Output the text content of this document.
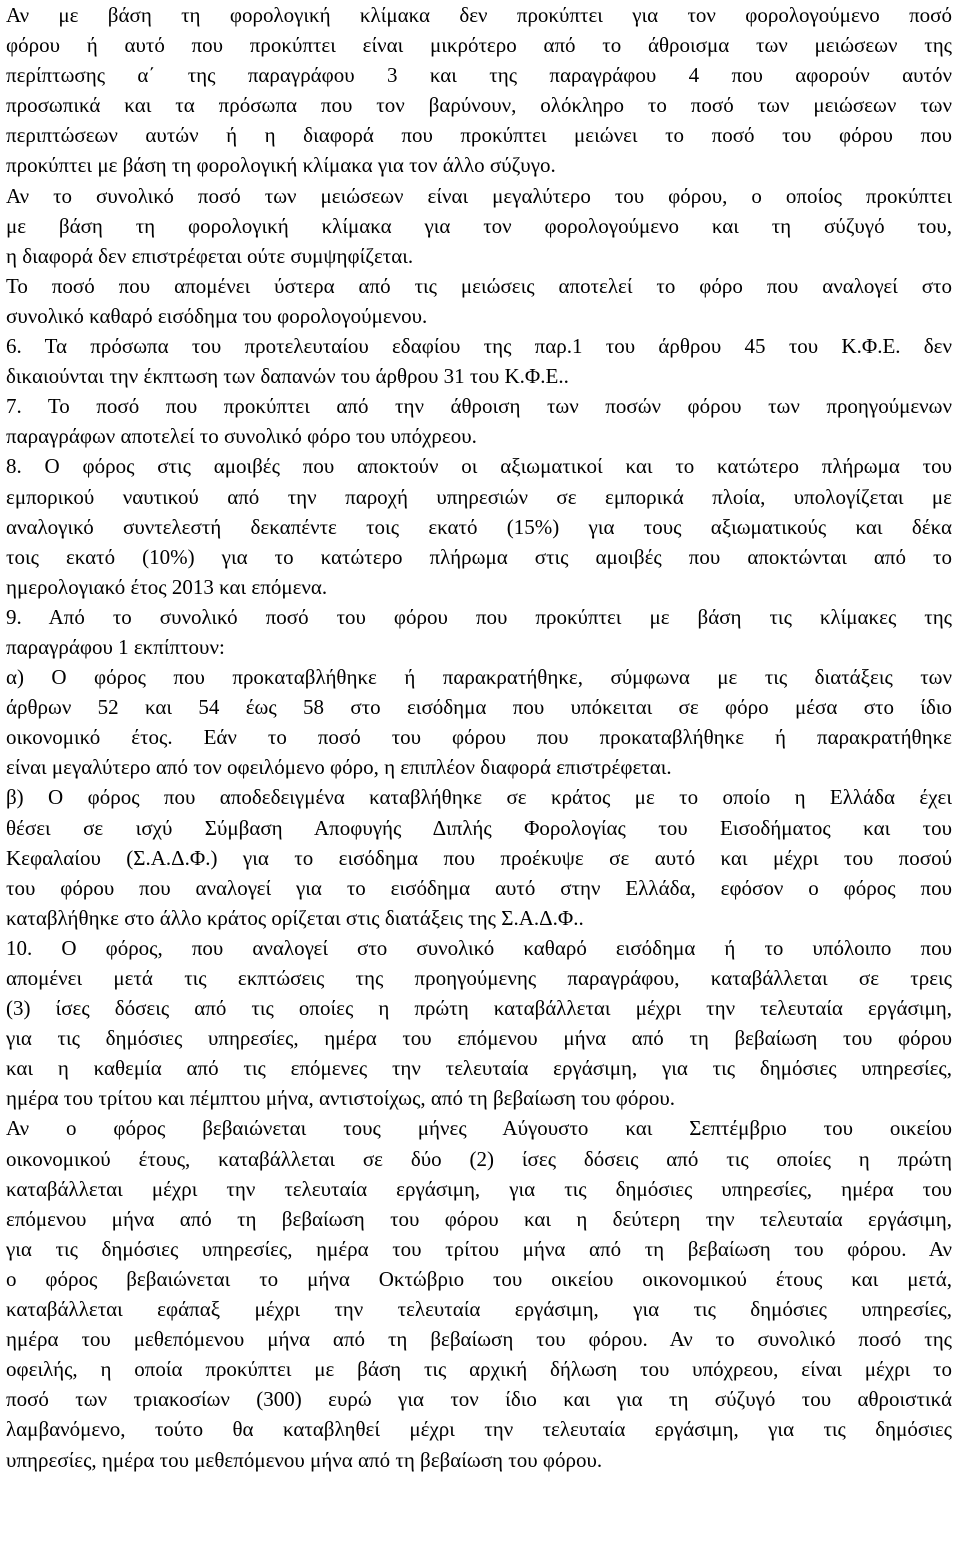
Αν με βάση τη φορολογική κλίμακα δεν προκύπτει για τον φορολογούμενο ποσό
φόρου ή αυτό που προκύπτει είναι μικρότερο από το άθροισμα των μειώσεων της
περίπτωσης α΄ της παραγράφου 3 και της παραγράφου 4 που αφορούν αυτόν
προσωπικά και τα πρόσωπα που τον βαρύνουν, ολόκληρο το ποσό των μειώσεων των
περιπτώσεων αυτών ή η διαφορά που προκύπτει μειώνει το ποσό του φόρου που
προκύπτει με βάση τη φορολογική κλίμακα για τον άλλο σύζυγο.
Αν το συνολικό ποσό των μειώσεων είναι μεγαλύτερο του φόρου, ο οποίος προκύπτει
με βάση τη φορολογική κλίμακα για τον φορολογούμενο και τη σύζυγό του,
η διαφορά δεν επιστρέφεται ούτε συμψηφίζεται.
Το ποσό που απομένει ύστερα από τις μειώσεις αποτελεί το φόρο που αναλογεί στο
συνολικό καθαρό εισόδημα του φορολογούμενου.
6. Τα πρόσωπα του προτελευταίου εδαφίου της παρ.1 του άρθρου 45 του Κ.Φ.Ε. δεν
δικαιούνται την έκπτωση των δαπανών του άρθρου 31 του Κ.Φ.Ε..
7. Το ποσό που προκύπτει από την άθροιση των ποσών φόρου των προηγούμενων
παραγράφων αποτελεί το συνολικό φόρο του υπόχρεου.
8. Ο φόρος στις αμοιβές που αποκτούν οι αξιωματικοί και το κατώτερο πλήρωμα του
εμπορικού ναυτικού από την παροχή υπηρεσιών σε εμπορικά πλοία, υπολογίζεται με
αναλογικό συντελεστή δεκαπέντε τοις εκατό (15%) για τους αξιωματικούς και δέκα
τοις εκατό (10%) για το κατώτερο πλήρωμα στις αμοιβές που αποκτώνται από το
ημερολογιακό έτος 2013 και επόμενα.
9. Από το συνολικό ποσό του φόρου που προκύπτει με βάση τις κλίμακες της
παραγράφου 1 εκπίπτουν:
α) Ο φόρος που προκαταβλήθηκε ή παρακρατήθηκε, σύμφωνα με τις διατάξεις των
άρθρων 52 και 54 έως 58 στο εισόδημα που υπόκειται σε φόρο μέσα στο ίδιο
οικονομικό έτος. Εάν το ποσό του φόρου που προκαταβλήθηκε ή παρακρατήθηκε
είναι μεγαλύτερο από τον οφειλόμενο φόρο, η επιπλέον διαφορά επιστρέφεται.
β) Ο φόρος που αποδεδειγμένα καταβλήθηκε σε κράτος με το οποίο η Ελλάδα έχει
θέσει σε ισχύ Σύμβαση Αποφυγής Διπλής Φορολογίας του Εισοδήματος και του
Κεφαλαίου (Σ.Α.Δ.Φ.) για το εισόδημα που προέκυψε σε αυτό και μέχρι του ποσού
του φόρου που αναλογεί για το εισόδημα αυτό στην Ελλάδα, εφόσον ο φόρος που
καταβλήθηκε στο άλλο κράτος ορίζεται στις διατάξεις της Σ.Α.Δ.Φ..
10. Ο φόρος, που αναλογεί στο συνολικό καθαρό εισόδημα ή το υπόλοιπο που
απομένει μετά τις εκπτώσεις της προηγούμενης παραγράφου, καταβάλλεται σε τρεις
(3) ίσες δόσεις από τις οποίες η πρώτη καταβάλλεται μέχρι την τελευταία εργάσιμη,
για τις δημόσιες υπηρεσίες, ημέρα του επόμενου μήνα από τη βεβαίωση του φόρου
και η καθεμία από τις επόμενες την τελευταία εργάσιμη, για τις δημόσιες υπηρεσίες,
ημέρα του τρίτου και πέμπτου μήνα, αντιστοίχως, από τη βεβαίωση του φόρου.
Αν ο φόρος βεβαιώνεται τους μήνες Αύγουστο και Σεπτέμβριο του οικείου
οικονομικού έτους, καταβάλλεται σε δύο (2) ίσες δόσεις από τις οποίες η πρώτη
καταβάλλεται μέχρι την τελευταία εργάσιμη, για τις δημόσιες υπηρεσίες, ημέρα του
επόμενου μήνα από τη βεβαίωση του φόρου και η δεύτερη την τελευταία εργάσιμη,
για τις δημόσιες υπηρεσίες, ημέρα του τρίτου μήνα από τη βεβαίωση του φόρου. Αν
ο φόρος βεβαιώνεται το μήνα Οκτώβριο του οικείου οικονομικού έτους και μετά,
καταβάλλεται εφάπαξ μέχρι την τελευταία εργάσιμη, για τις δημόσιες υπηρεσίες,
ημέρα του μεθεπόμενου μήνα από τη βεβαίωση του φόρου. Αν το συνολικό ποσό της
οφειλής, η οποία προκύπτει με βάση τις αρχική δήλωση του υπόχρεου, είναι μέχρι το
ποσό των τριακοσίων (300) ευρώ για τον ίδιο και για τη σύζυγό του αθροιστικά
λαμβανόμενο, τούτο θα καταβληθεί μέχρι την τελευταία εργάσιμη, για τις δημόσιες
υπηρεσίες, ημέρα του μεθεπόμενου μήνα από τη βεβαίωση του φόρου.
